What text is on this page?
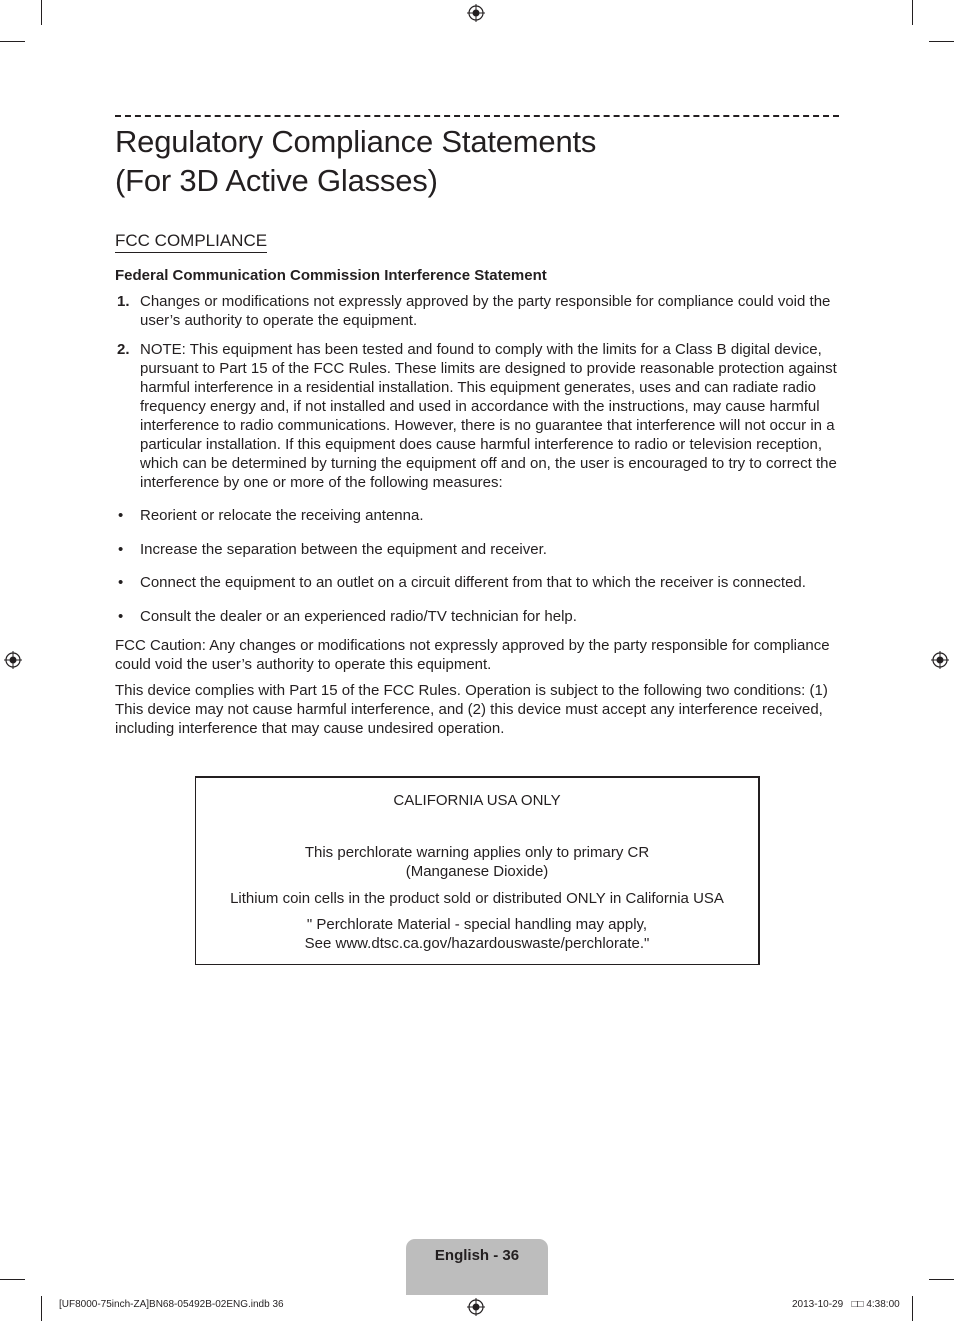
Regulatory Compliance Statements
(For 3D Active Glasses)
FCC COMPLIANCE
Federal Communication Commission Interference Statement
1. Changes or modifications not expressly approved by the party responsible for compliance could void the user’s authority to operate the equipment.
2. NOTE: This equipment has been tested and found to comply with the limits for a Class B digital device, pursuant to Part 15 of the FCC Rules. These limits are designed to provide reasonable protection against harmful interference in a residential installation. This equipment generates, uses and can radiate radio frequency energy and, if not installed and used in accordance with the instructions, may cause harmful interference to radio communications. However, there is no guarantee that interference will not occur in a particular installation. If this equipment does cause harmful interference to radio or television reception, which can be determined by turning the equipment off and on, the user is encouraged to try to correct the interference by one or more of the following measures:
• Reorient or relocate the receiving antenna.
• Increase the separation between the equipment and receiver.
• Connect the equipment to an outlet on a circuit different from that to which the receiver is connected.
• Consult the dealer or an experienced radio/TV technician for help.

FCC Caution: Any changes or modifications not expressly approved by the party responsible for compliance could void the user’s authority to operate this equipment.

This device complies with Part 15 of the FCC Rules. Operation is subject to the following two conditions: (1) This device may not cause harmful interference, and (2) this device must accept any interference received, including interference that may cause undesired operation.

CALIFORNIA USA ONLY

This perchlorate warning applies only to primary CR

(Manganese Dioxide)

Lithium coin cells in the product sold or distributed ONLY in California USA

" Perchlorate Material - special handling may apply,

See www.dtsc.ca.gov/hazardouswaste/perchlorate."

English - 36
[UF8000-75inch-ZA]BN68-05492B-02ENG.indb 36	2013-10-29   □□ 4:38:00
